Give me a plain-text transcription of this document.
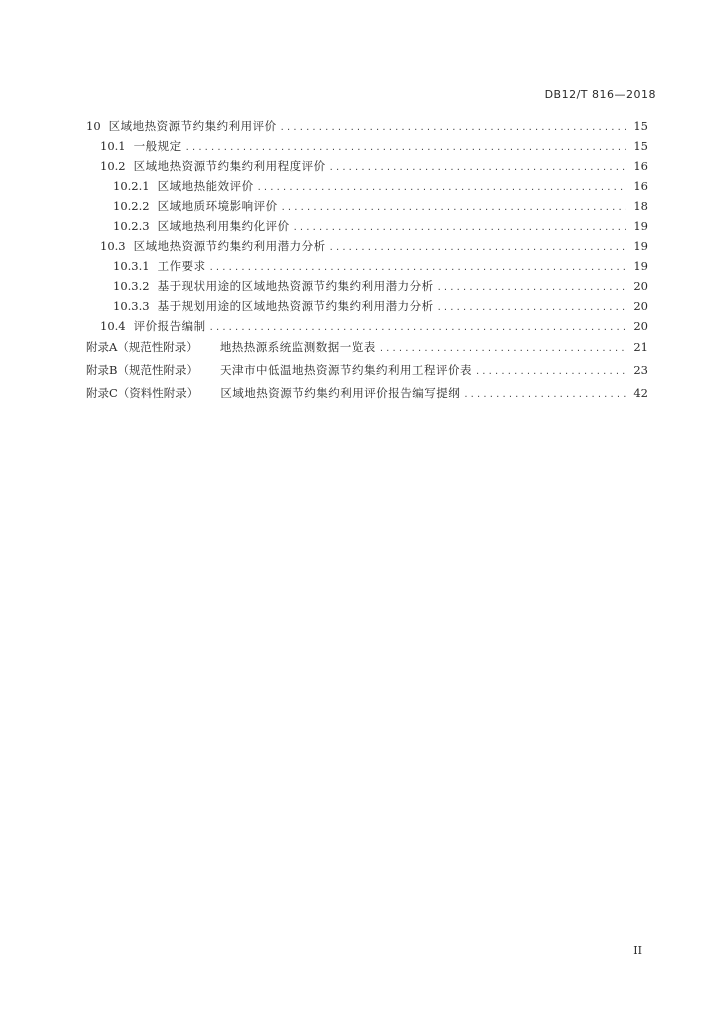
DB12/T 816—2018
10 区域地热资源节约集约利用评价 . . .	15
10.1 一般规定 . . .	15
10.2 区域地热资源节约集约利用程度评价 . . .	16
10.2.1 区域地热能效评价 . . .	16
10.2.2 区域地质环境影响评价 . . .	18
10.2.3 区域地热利用集约化评价 . . .	19
10.3 区域地热资源节约集约利用潜力分析 . . .	19
10.3.1 工作要求 . . .	19
10.3.2 基于现状用途的区域地热资源节约集约利用潜力分析 . . .	20
10.3.3 基于规划用途的区域地热资源节约集约利用潜力分析 . . .	20
10.4 评价报告编制 . . .	20
附录A（规范性附录） 地热热源系统监测数据一览表 . . .	21
附录B（规范性附录） 天津市中低温地热资源节约集约利用工程评价表 . . .	23
附录C（资料性附录） 区域地热资源节约集约利用评价报告编写提纲 . . .	42
II
